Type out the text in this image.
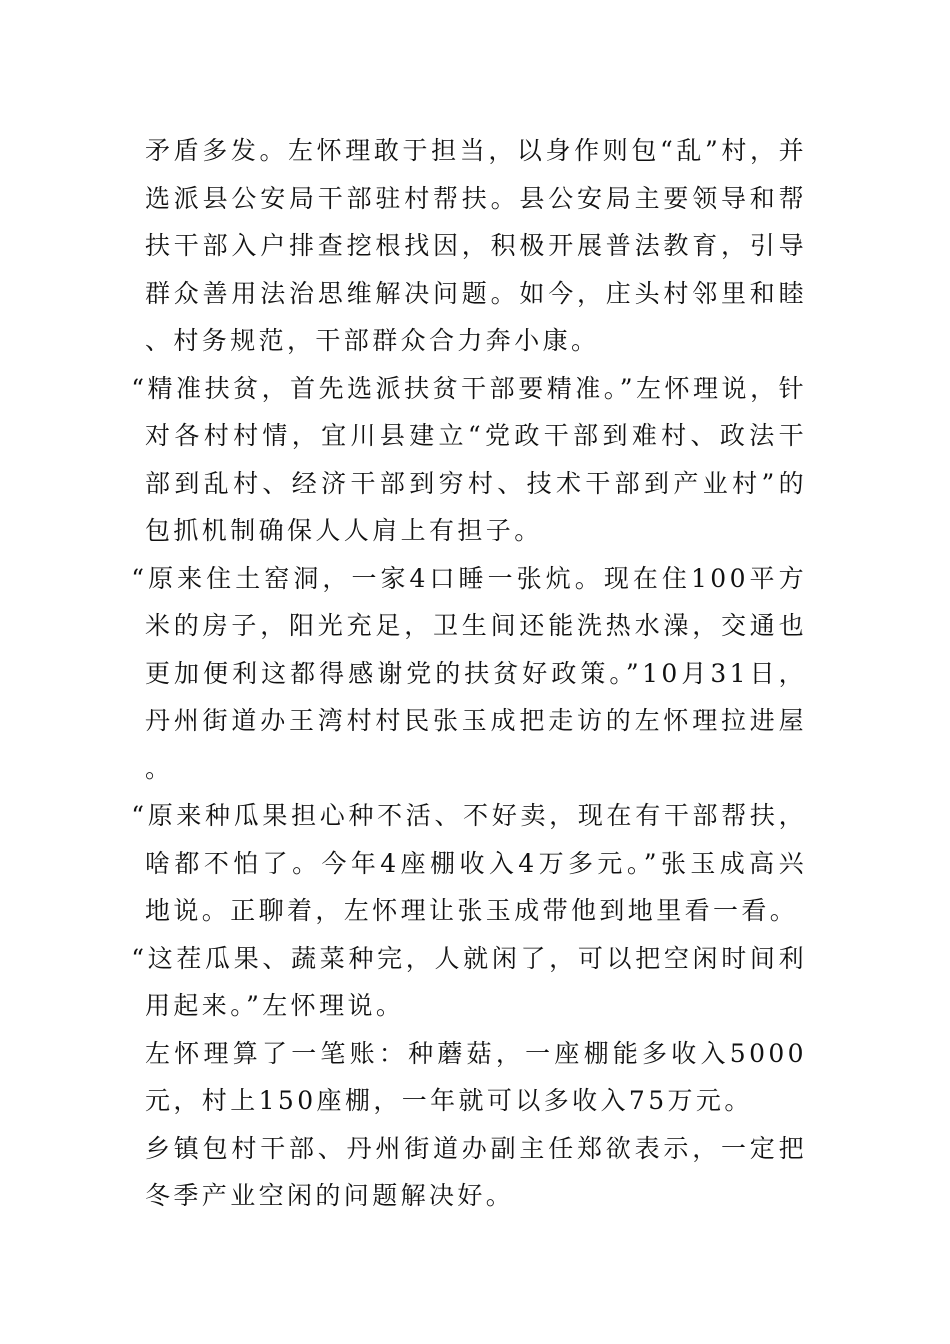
矛盾多发。左怀理敢于担当，以身作则包“乱”村，并选派县公安局干部驻村帮扶。县公安局主要领导和帮扶干部入户排查挖根找因，积极开展普法教育，引导群众善用法治思维解决问题。如今，庄头村邻里和睦、村务规范，干部群众合力奔小康。

“精准扶贫，首先选派扶贫干部要精准。”左怀理说，针对各村村情，宜川县建立“党政干部到难村、政法干部到乱村、经济干部到穷村、技术干部到产业村”的包抓机制确保人人肩上有担子。

“原来住土窑洞，一家4口睡一张炕。现在住100平方米的房子，阳光充足，卫生间还能洗热水澡，交通也更加便利这都得感谢党的扶贫好政策。”10月31日，丹州街道办王湾村村民张玉成把走访的左怀理拉进屋。

“原来种瓜果担心种不活、不好卖，现在有干部帮扶，啥都不怕了。今年4座棚收入4万多元。”张玉成高兴地说。正聊着，左怀理让张玉成带他到地里看一看。

“这茬瓜果、蔬菜种完，人就闲了，可以把空闲时间利用起来。”左怀理说。

左怀理算了一笔账：种蘑菇，一座棚能多收入5000元，村上150座棚，一年就可以多收入75万元。

乡镇包村干部、丹州街道办副主任郑欲表示，一定把冬季产业空闲的问题解决好。
